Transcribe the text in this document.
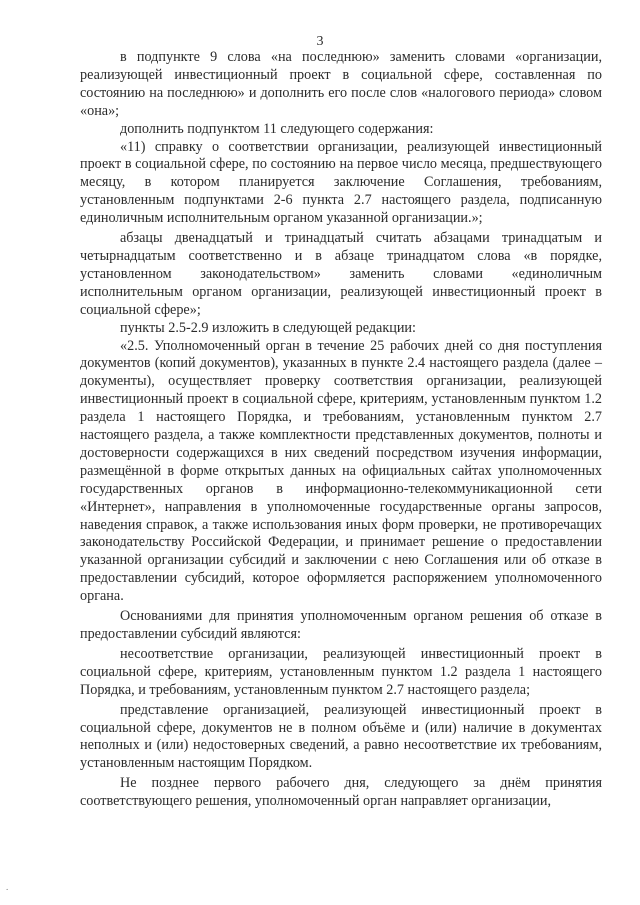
3

в подпункте 9 слова «на последнюю» заменить словами «организации, реализующей инвестиционный проект в социальной сфере, составленная по состоянию на последнюю» и дополнить его после слов «налогового периода» словом «она»;

дополнить подпунктом 11 следующего содержания:

«11) справку о соответствии организации, реализующей инвестиционный проект в социальной сфере, по состоянию на первое число месяца, предшествующего месяцу, в котором планируется заключение Соглашения, требованиям, установленным подпунктами 2-6 пункта 2.7 настоящего раздела, подписанную единоличным исполнительным органом указанной организации.»;

абзацы двенадцатый и тринадцатый считать абзацами тринадцатым и четырнадцатым соответственно и в абзаце тринадцатом слова «в порядке, установленном законодательством» заменить словами «единоличным исполнительным органом организации, реализующей инвестиционный проект в социальной сфере»;

пункты 2.5-2.9 изложить в следующей редакции:

«2.5. Уполномоченный орган в течение 25 рабочих дней со дня поступления документов (копий документов), указанных в пункте 2.4 настоящего раздела (далее – документы), осуществляет проверку соответствия организации, реализующей инвестиционный проект в социальной сфере, критериям, установленным пунктом 1.2 раздела 1 настоящего Порядка, и требованиям, установленным пунктом 2.7 настоящего раздела, а также комплектности представленных документов, полноты и достоверности содержащихся в них сведений посредством изучения информации, размещённой в форме открытых данных на официальных сайтах уполномоченных государственных органов в информационно-телекоммуникационной сети «Интернет», направления в уполномоченные государственные органы запросов, наведения справок, а также использования иных форм проверки, не противоречащих законодательству Российской Федерации, и принимает решение о предоставлении указанной организации субсидий и заключении с нею Соглашения или об отказе в предоставлении субсидий, которое оформляется распоряжением уполномоченного органа.

Основаниями для принятия уполномоченным органом решения об отказе в предоставлении субсидий являются:

несоответствие организации, реализующей инвестиционный проект в социальной сфере, критериям, установленным пунктом 1.2 раздела 1 настоящего Порядка, и требованиям, установленным пунктом 2.7 настоящего раздела;

представление организацией, реализующей инвестиционный проект в социальной сфере, документов не в полном объёме и (или) наличие в документах неполных и (или) недостоверных сведений, а равно несоответствие их требованиям, установленным настоящим Порядком.

Не позднее первого рабочего дня, следующего за днём принятия соответствующего решения, уполномоченный орган направляет организации,

.
